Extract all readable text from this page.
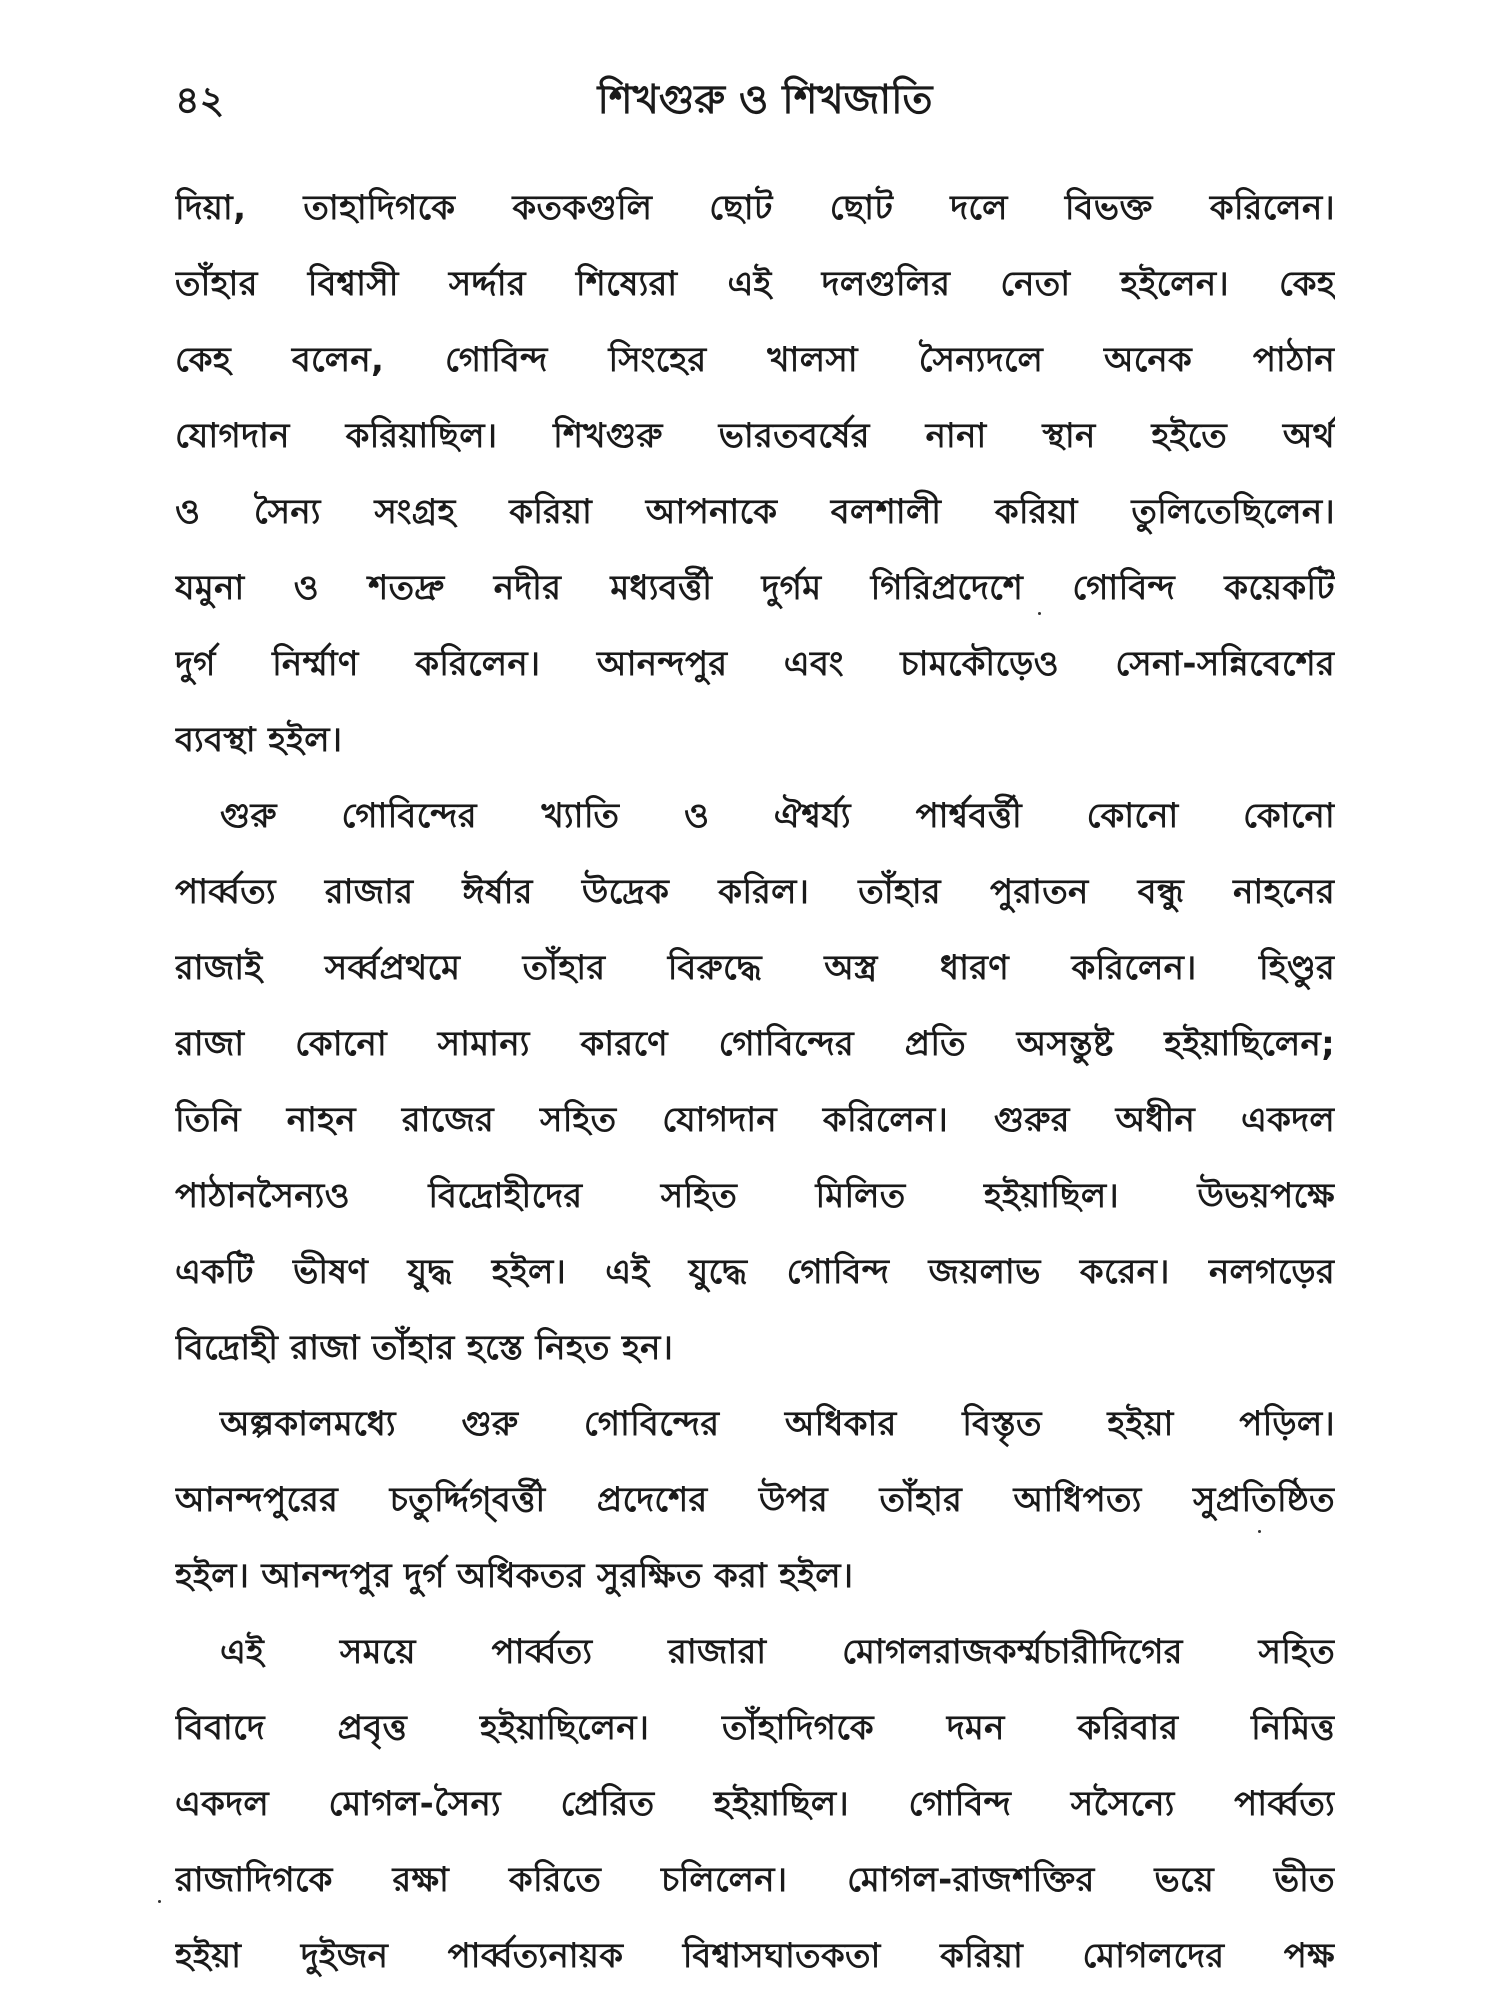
শিখগুরু ও শিখজাতি
৪২
দিয়া, তাহাদিগকে কতকগুলি ছোট ছোট দলে বিভক্ত করিলেন।
তাঁহার বিশ্বাসী সর্দ্দার শিষ্যেরা এই দলগুলির নেতা হইলেন। কেহ
কেহ বলেন, গোবিন্দ সিংহের খালসা সৈন্যদলে অনেক পাঠান
যোগদান করিয়াছিল। শিখগুরু ভারতবর্ষের নানা স্থান হইতে অর্থ
ও সৈন্য সংগ্রহ করিয়া আপনাকে বলশালী করিয়া তুলিতেছিলেন।
যমুনা ও শতদ্রু নদীর মধ্যবর্ত্তী দুর্গম গিরিপ্রদেশে গোবিন্দ কয়েকটি
দুর্গ নির্ম্মাণ করিলেন। আনন্দপুর এবং চামকৌড়েও সেনা-সন্নিবেশের
ব্যবস্থা হইল।
গুরু গোবিন্দের খ্যাতি ও ঐশ্বর্য্য পার্শ্ববর্ত্তী কোনো কোনো
পার্ব্বত্য রাজার ঈর্ষার উদ্রেক করিল। তাঁহার পুরাতন বন্ধু নাহনের
রাজাই সর্ব্বপ্রথমে তাঁহার বিরুদ্ধে অস্ত্র ধারণ করিলেন। হিণ্ডুর
রাজা কোনো সামান্য কারণে গোবিন্দের প্রতি অসন্তুষ্ট হইয়াছিলেন;
তিনি নাহন রাজের সহিত যোগদান করিলেন। গুরুর অধীন একদল
পাঠানসৈন্যও বিদ্রোহীদের সহিত মিলিত হইয়াছিল। উভয়পক্ষে
একটি ভীষণ যুদ্ধ হইল। এই যুদ্ধে গোবিন্দ জয়লাভ করেন। নলগড়ের
বিদ্রোহী রাজা তাঁহার হস্তে নিহত হন।
অল্পকালমধ্যে গুরু গোবিন্দের অধিকার বিস্তৃত হইয়া পড়িল।
আনন্দপুরের চতুর্দ্দিগ্‌বর্ত্তী প্রদেশের উপর তাঁহার আধিপত্য সুপ্রতিষ্ঠিত
হইল। আনন্দপুর দুর্গ অধিকতর সুরক্ষিত করা হইল।
এই সময়ে পার্ব্বত্য রাজারা মোগলরাজকর্ম্মচারীদিগের সহিত
বিবাদে প্রবৃত্ত হইয়াছিলেন। তাঁহাদিগকে দমন করিবার নিমিত্ত
একদল মোগল-সৈন্য প্রেরিত হইয়াছিল। গোবিন্দ সসৈন্যে পার্ব্বত্য
রাজাদিগকে রক্ষা করিতে চলিলেন। মোগল-রাজশক্তির ভয়ে ভীত
হইয়া দুইজন পার্ব্বত্যনায়ক বিশ্বাসঘাতকতা করিয়া মোগলদের পক্ষ
